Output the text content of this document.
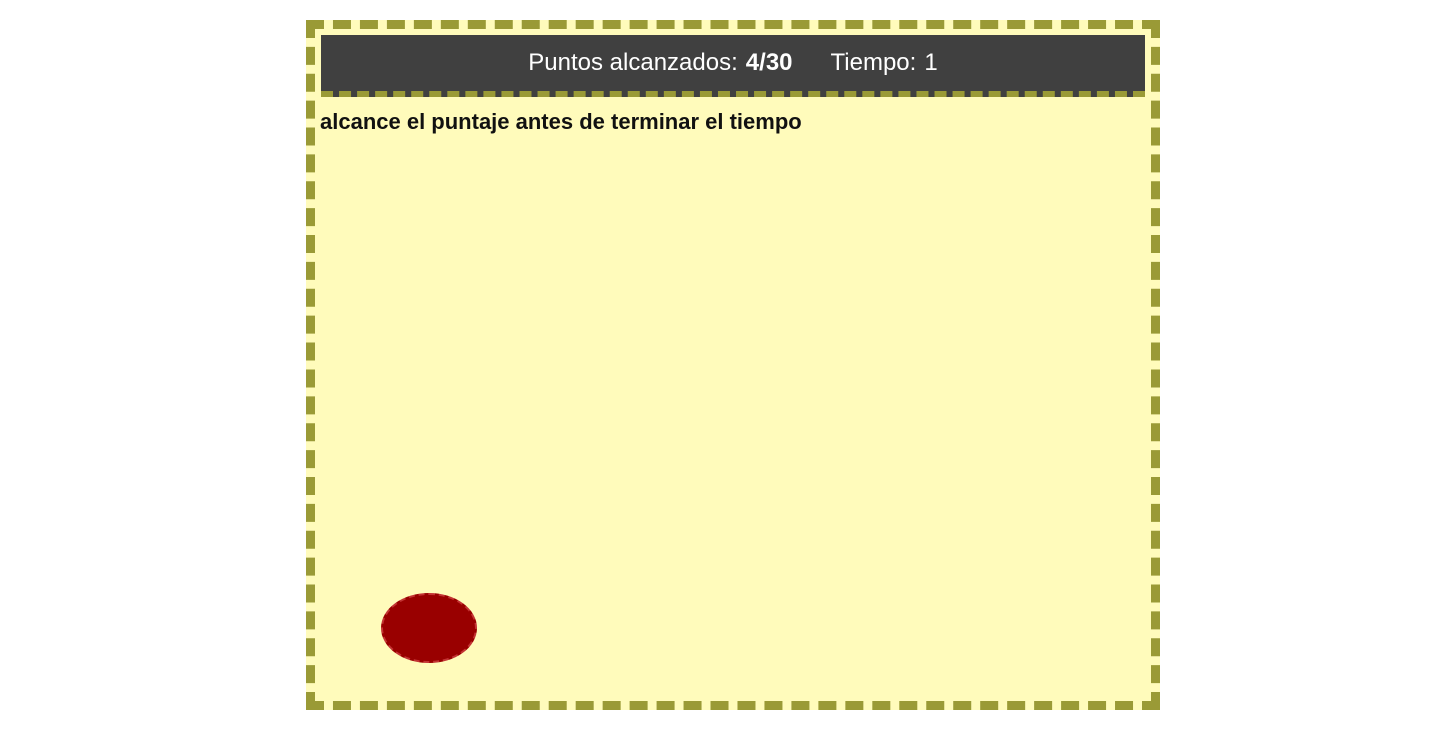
Puntos alcanzados: 4 / 30 Tiempo: 1
alcance el puntaje antes de terminar el tiempo
